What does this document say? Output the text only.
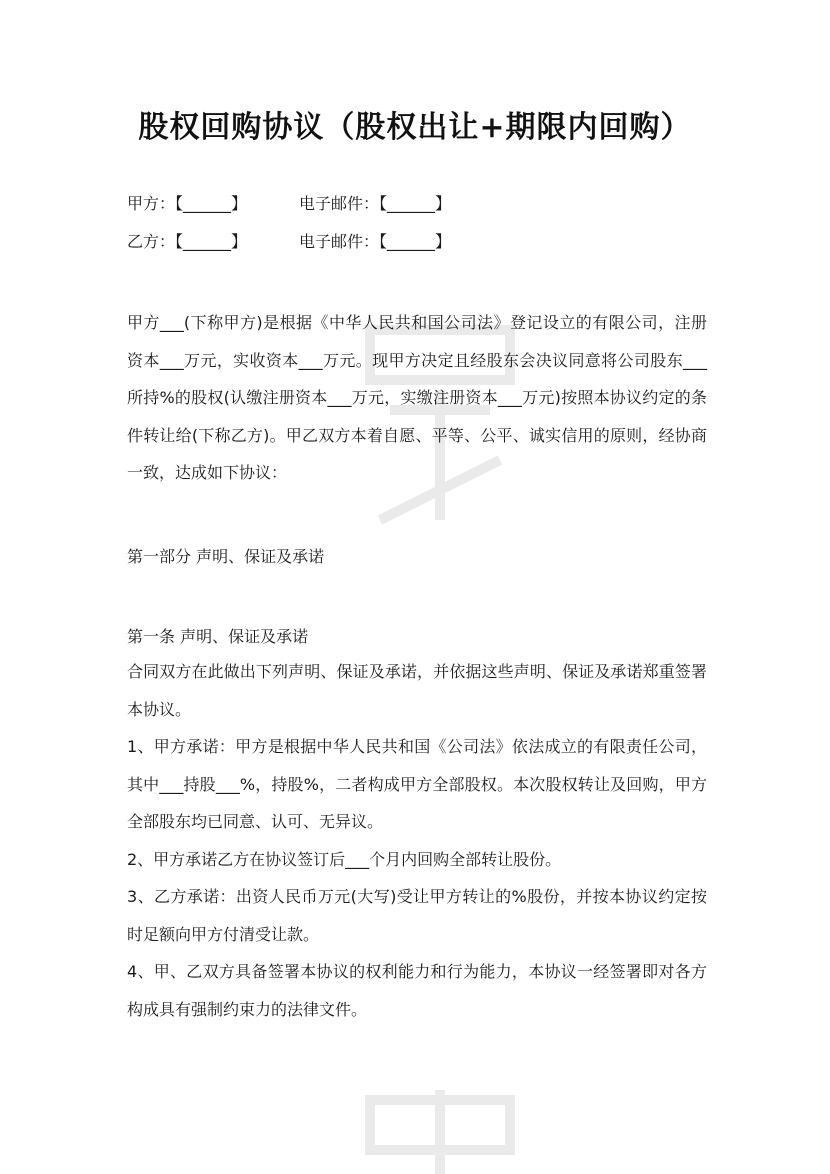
股权回购协议（股权出让+期限内回购）
甲方：【______】	电子邮件：【______】
乙方：【______】	电子邮件：【______】
甲方___(下称甲方)是根据《中华人民共和国公司法》登记设立的有限公司，注册资本___万元，实收资本___万元。现甲方决定且经股东会决议同意将公司股东___所持%的股权(认缴注册资本___万元，实缴注册资本___万元)按照本协议约定的条件转让给(下称乙方)。甲乙双方本着自愿、平等、公平、诚实信用的原则，经协商一致，达成如下协议：
第一部分 声明、保证及承诺
第一条 声明、保证及承诺

合同双方在此做出下列声明、保证及承诺，并依据这些声明、保证及承诺郑重签署本协议。

1、甲方承诺：甲方是根据中华人民共和国《公司法》依法成立的有限责任公司，其中___持股___%，持股%，二者构成甲方全部股权。本次股权转让及回购，甲方全部股东均已同意、认可、无异议。

2、甲方承诺乙方在协议签订后___个月内回购全部转让股份。

3、乙方承诺：出资人民币万元(大写)受让甲方转让的%股份，并按本协议约定按时足额向甲方付清受让款。

4、甲、乙双方具备签署本协议的权利能力和行为能力，本协议一经签署即对各方构成具有强制约束力的法律文件。
